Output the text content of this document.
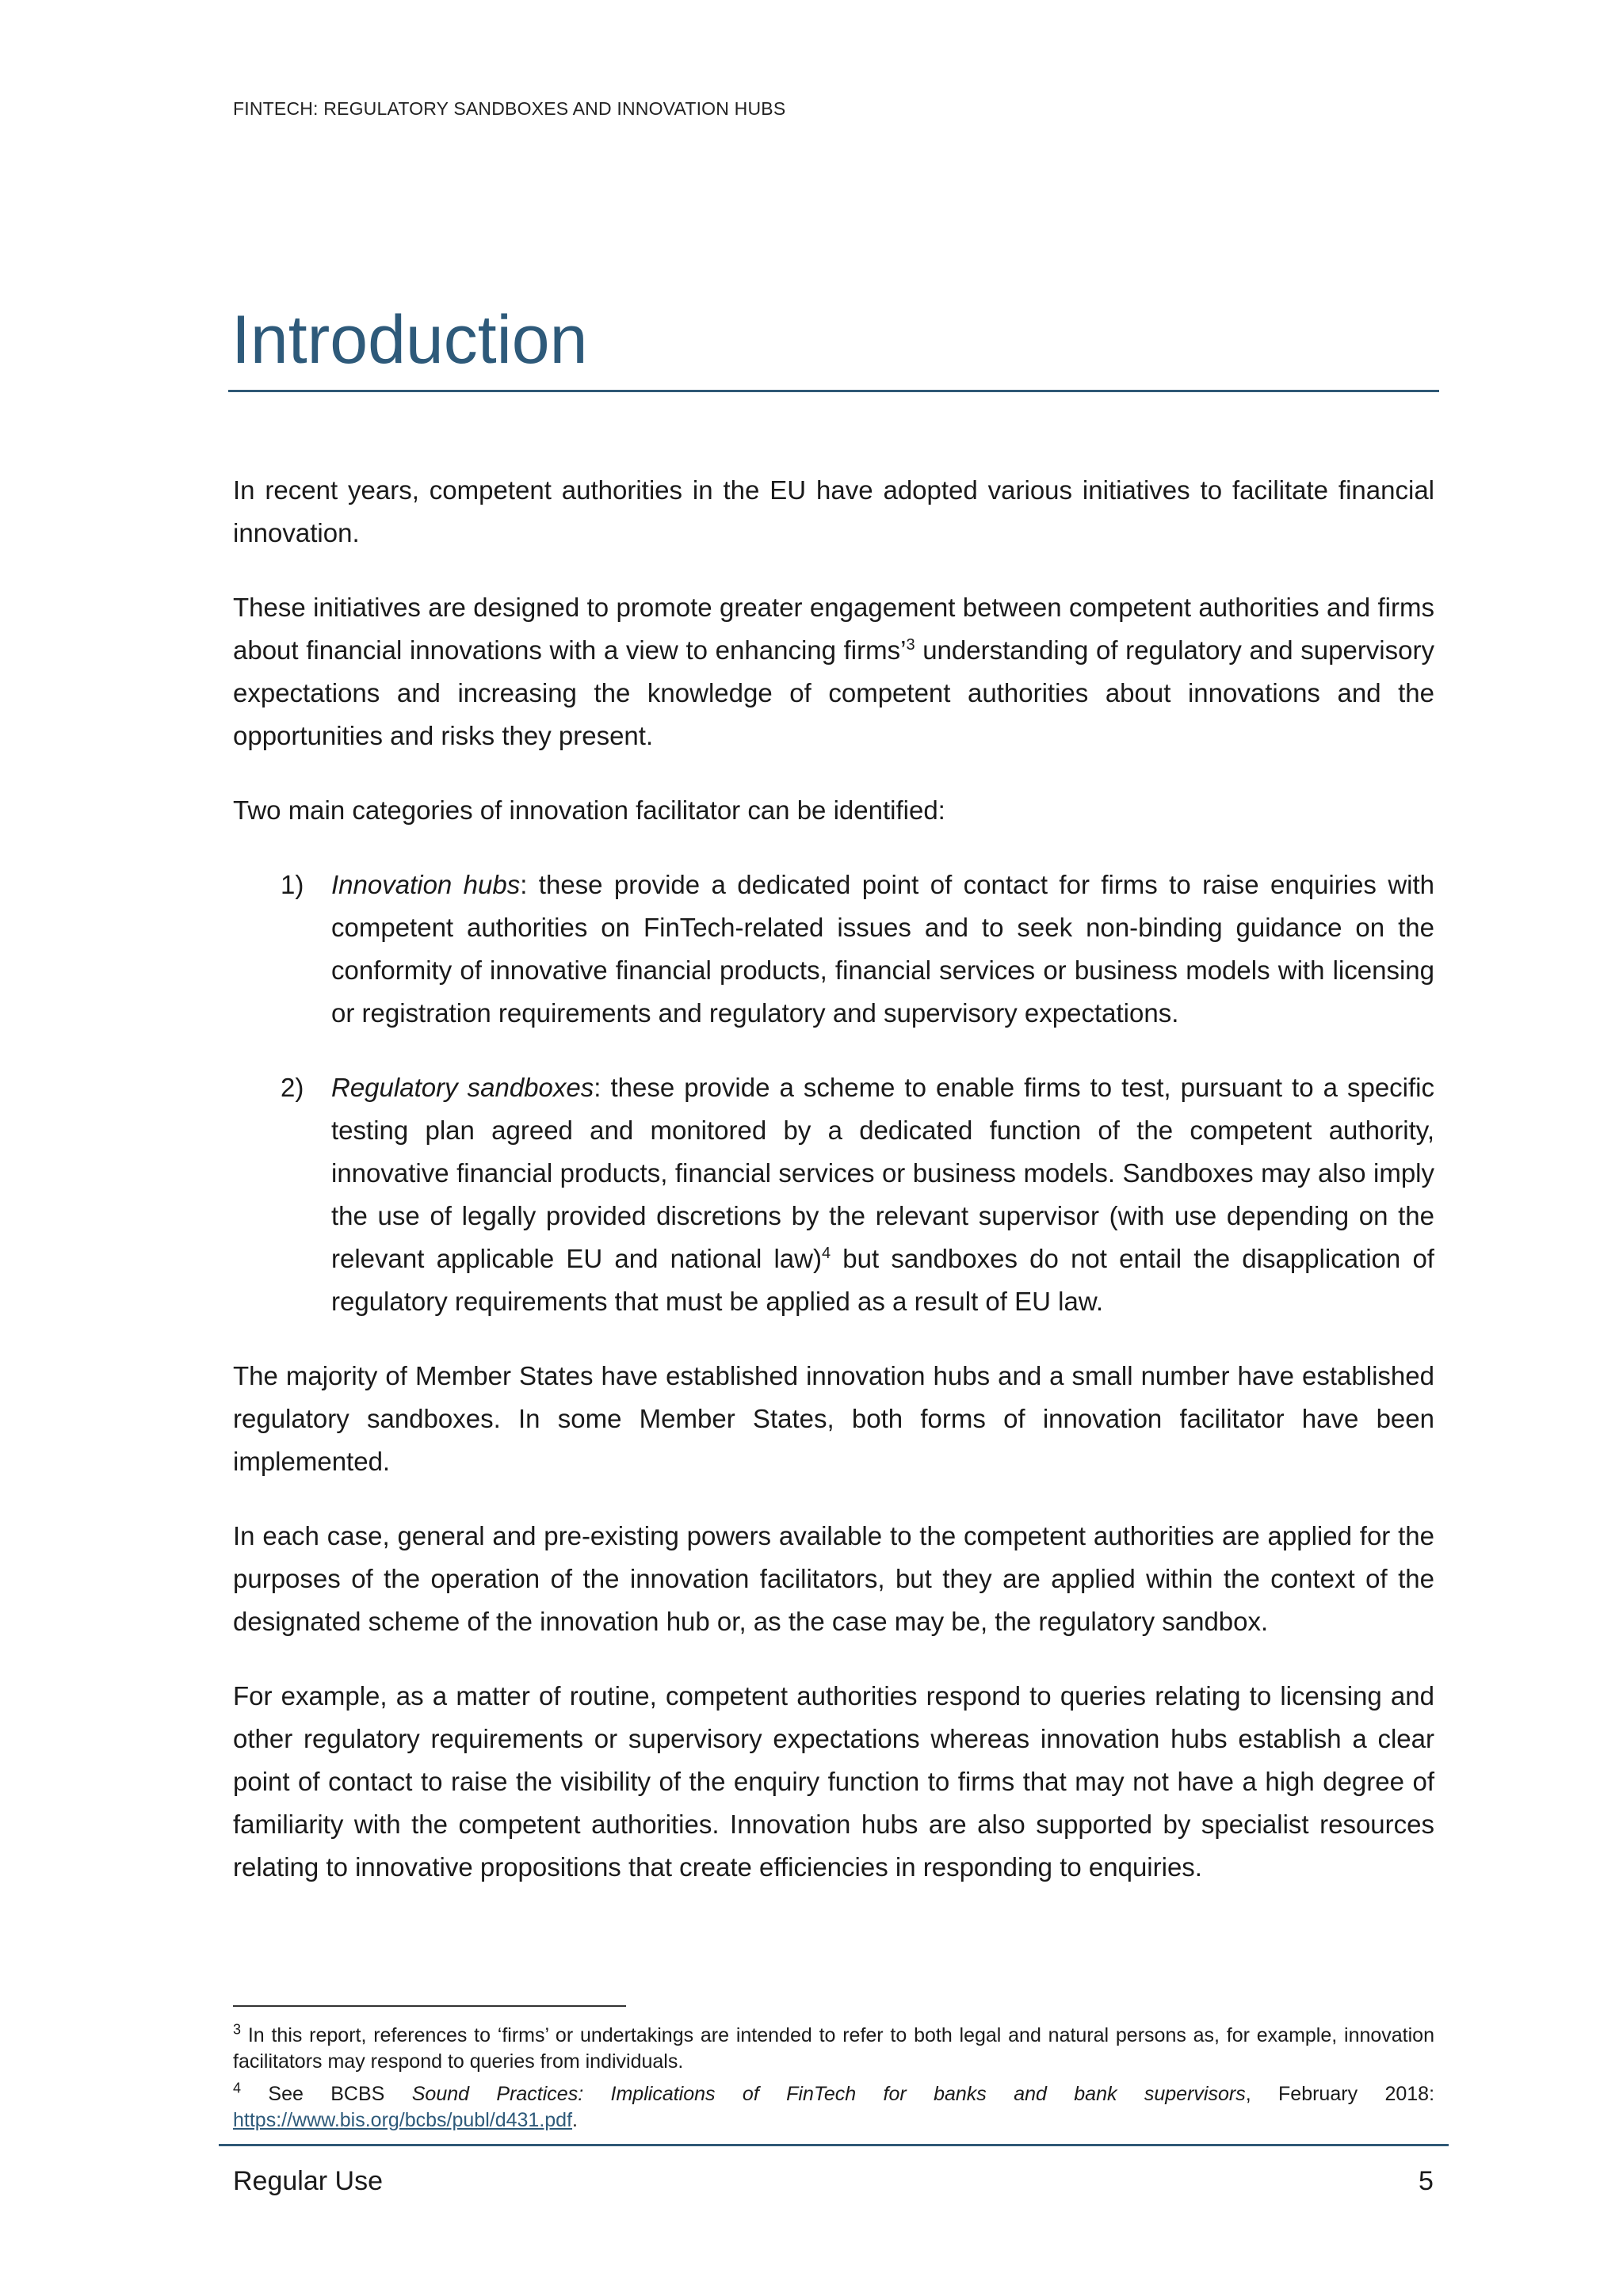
FINTECH: REGULATORY SANDBOXES AND INNOVATION HUBS
Introduction

In recent years, competent authorities in the EU have adopted various initiatives to facilitate financial innovation.

These initiatives are designed to promote greater engagement between competent authorities and firms about financial innovations with a view to enhancing firms’$^3$ understanding of regulatory and supervisory expectations and increasing the knowledge of competent authorities about innovations and the opportunities and risks they present.

Two main categories of innovation facilitator can be identified:

1) Innovation hubs: these provide a dedicated point of contact for firms to raise enquiries with competent authorities on FinTech-related issues and to seek non-binding guidance on the conformity of innovative financial products, financial services or business models with licensing or registration requirements and regulatory and supervisory expectations.
2) Regulatory sandboxes: these provide a scheme to enable firms to test, pursuant to a specific testing plan agreed and monitored by a dedicated function of the competent authority, innovative financial products, financial services or business models. Sandboxes may also imply the use of legally provided discretions by the relevant supervisor (with use depending on the relevant applicable EU and national law)$^4$ but sandboxes do not entail the disapplication of regulatory requirements that must be applied as a result of EU law.

The majority of Member States have established innovation hubs and a small number have established regulatory sandboxes. In some Member States, both forms of innovation facilitator have been implemented.

In each case, general and pre-existing powers available to the competent authorities are applied for the purposes of the operation of the innovation facilitators, but they are applied within the context of the designated scheme of the innovation hub or, as the case may be, the regulatory sandbox.

For example, as a matter of routine, competent authorities respond to queries relating to licensing and other regulatory requirements or supervisory expectations whereas innovation hubs establish a clear point of contact to raise the visibility of the enquiry function to firms that may not have a high degree of familiarity with the competent authorities. Innovation hubs are also supported by specialist resources relating to innovative propositions that create efficiencies in responding to enquiries.

$^3$ In this report, references to ‘firms’ or undertakings are intended to refer to both legal and natural persons as, for example, innovation facilitators may respond to queries from individuals.
$^4$ See BCBS Sound Practices: Implications of FinTech for banks and bank supervisors, February 2018: https://www.bis.org/bcbs/publ/d431.pdf.
Regular Use	5
